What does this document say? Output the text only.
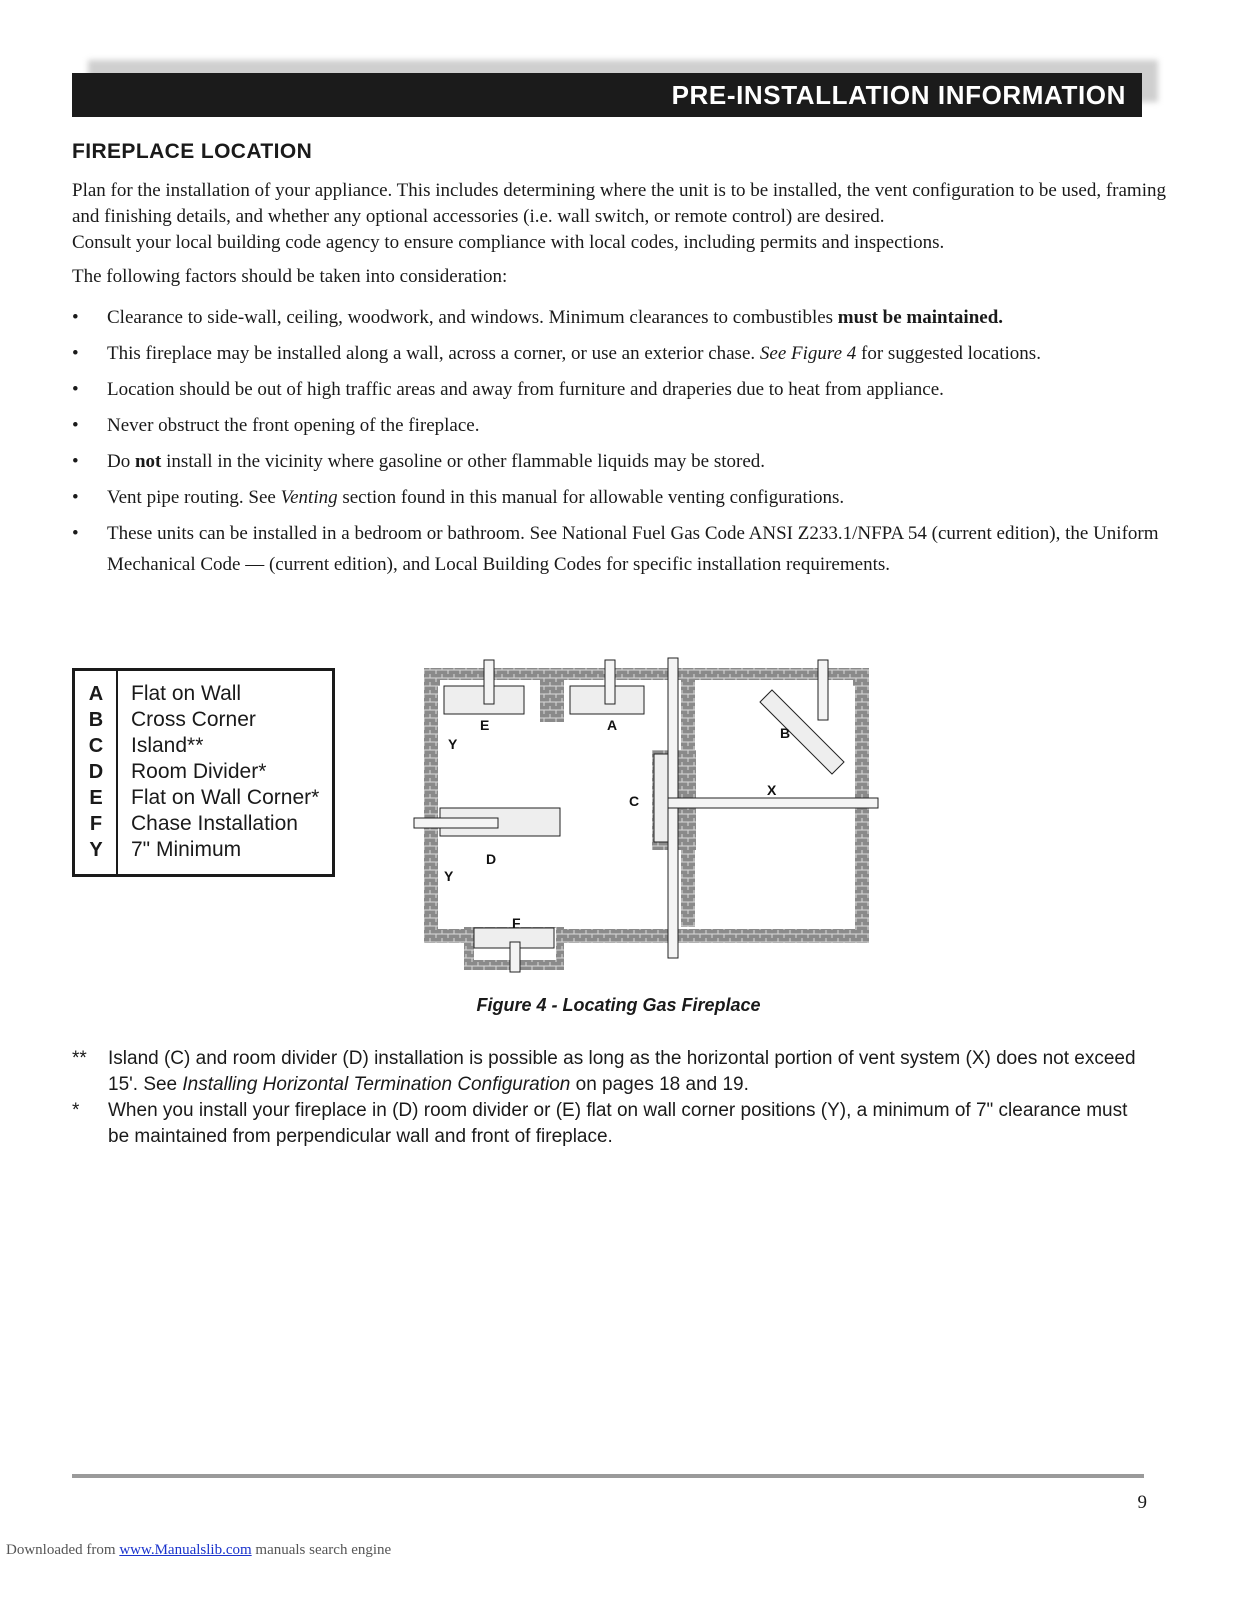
PRE-INSTALLATION INFORMATION
FIREPLACE LOCATION
Plan for the installation of your appliance. This includes determining where the unit is to be installed, the vent configuration to be used, framing and finishing details, and whether any optional accessories (i.e. wall switch, or remote control) are desired.
Consult your local building code agency to ensure compliance with local codes, including permits and inspections.
The following factors should be taken into consideration:
• Clearance to side-wall, ceiling, woodwork, and windows. Minimum clearances to combustibles must be maintained.
• This fireplace may be installed along a wall, across a corner, or use an exterior chase. See Figure 4 for suggested locations.
• Location should be out of high traffic areas and away from furniture and draperies due to heat from appliance.
• Never obstruct the front opening of the fireplace.
• Do not install in the vicinity where gasoline or other flammable liquids may be stored.
• Vent pipe routing. See Venting section found in this manual for allowable venting configurations.
• These units can be installed in a bedroom or bathroom. See National Fuel Gas Code ANSI Z233.1/NFPA 54 (current edition), the Uniform Mechanical Code — (current edition), and Local Building Codes for specific installation requirements.
A	Flat on Wall
B	Cross Corner
C	Island**
D	Room Divider*
E	Flat on Wall Corner*
F	Chase Installation
Y	7" Minimum
E	A	B
C
X
D
F
Y
Y
Figure 4 - Locating Gas Fireplace
** Island (C) and room divider (D) installation is possible as long as the horizontal portion of vent system (X) does not exceed 15'. See Installing Horizontal Termination Configuration on pages 18 and 19.
* When you install your fireplace in (D) room divider or (E) flat on wall corner positions (Y), a minimum of 7" clearance must be maintained from perpendicular wall and front of fireplace.
9
Downloaded from www.Manualslib.com manuals search engine
